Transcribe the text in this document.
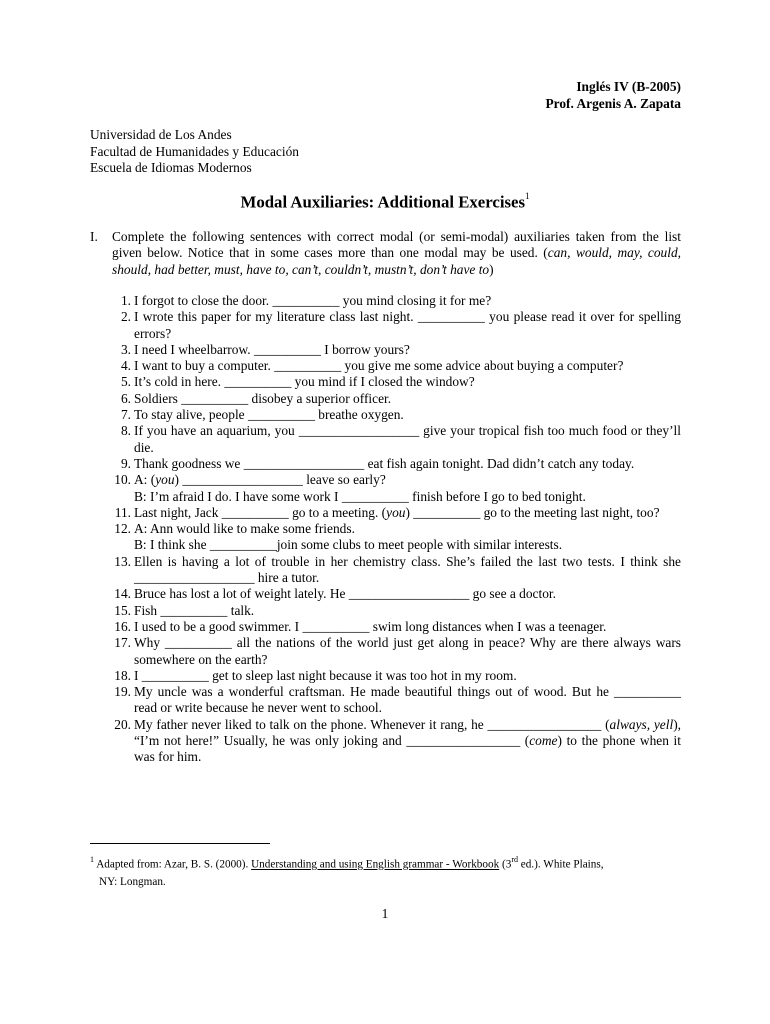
Inglés IV (B-2005)
Prof. Argenis A. Zapata
Universidad de Los Andes
Facultad de Humanidades y Educación
Escuela de Idiomas Modernos
Modal Auxiliaries: Additional Exercises$^1$
I. Complete the following sentences with correct modal (or semi-modal) auxiliaries taken from the list given below. Notice that in some cases more than one modal may be used. (can, would, may, could, should, had better, must, have to, can’t, couldn’t, mustn’t, don’t have to)
1. I forgot to close the door. __________ you mind closing it for me?
2. I wrote this paper for my literature class last night. __________ you please read it over for spelling errors?
3. I need I wheelbarrow. __________ I borrow yours?
4. I want to buy a computer. __________ you give me some advice about buying a computer?
5. It’s cold in here. __________ you mind if I closed the window?
6. Soldiers __________ disobey a superior officer.
7. To stay alive, people __________ breathe oxygen.
8. If you have an aquarium, you __________________ give your tropical fish too much food or they’ll die.
9. Thank goodness we __________________ eat fish again tonight. Dad didn’t catch any today.
10. A: (you) __________________ leave so early?
B: I’m afraid I do. I have some work I __________ finish before I go to bed tonight.
11. Last night, Jack __________ go to a meeting. (you) __________ go to the meeting last night, too?
12. A: Ann would like to make some friends.
B: I think she __________join some clubs to meet people with similar interests.
13. Ellen is having a lot of trouble in her chemistry class. She’s failed the last two tests. I think she __________________ hire a tutor.
14. Bruce has lost a lot of weight lately. He __________________ go see a doctor.
15. Fish __________ talk.
16. I used to be a good swimmer. I __________ swim long distances when I was a teenager.
17. Why __________ all the nations of the world just get along in peace? Why are there always wars somewhere on the earth?
18. I __________ get to sleep last night because it was too hot in my room.
19. My uncle was a wonderful craftsman. He made beautiful things out of wood. But he __________ read or write because he never went to school.
20. My father never liked to talk on the phone. Whenever it rang, he _________________ (always, yell), “I’m not here!” Usually, he was only joking and _________________ (come) to the phone when it was for him.
$^1$ Adapted from: Azar, B. S. (2000). Understanding and using English grammar - Workbook (3rd ed.). White Plains,
NY: Longman.
1
